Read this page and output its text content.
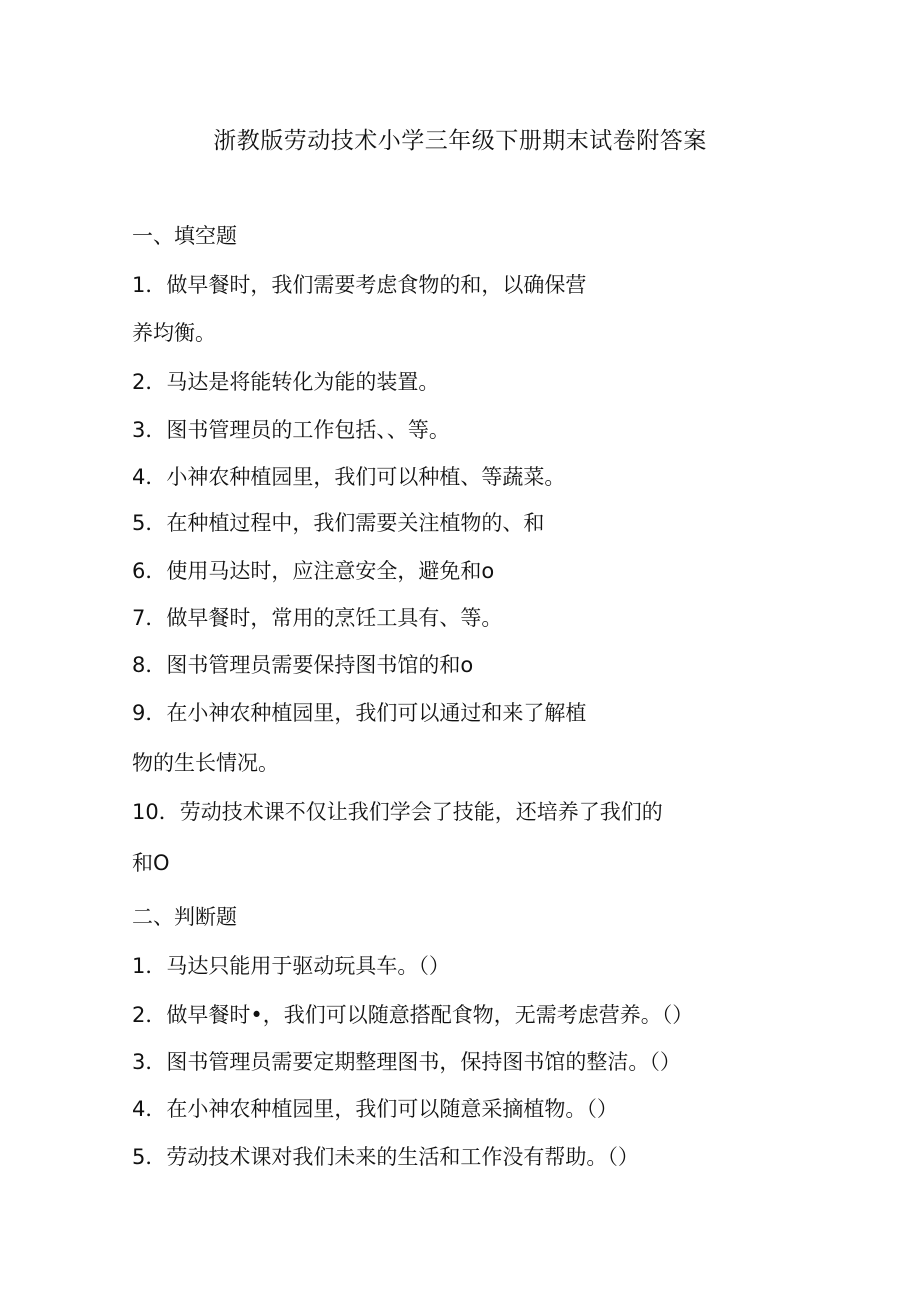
浙教版劳动技术小学三年级下册期末试卷附答案

一、填空题

1．做早餐时，我们需要考虑食物的和，以确保营

养均衡。

2．马达是将能转化为能的装置。

3．图书管理员的工作包括、、等。

4．小神农种植园里，我们可以种植、等蔬菜。

5．在种植过程中，我们需要关注植物的、和

6．使用马达时，应注意安全，避免和o

7．做早餐时，常用的烹饪工具有、等。

8．图书管理员需要保持图书馆的和o

9．在小神农种植园里，我们可以通过和来了解植

物的生长情况。

10．劳动技术课不仅让我们学会了技能，还培养了我们的

和O

二、判断题

1．马达只能用于驱动玩具车。（）

2．做早餐时•，我们可以随意搭配食物，无需考虑营养。（）

3．图书管理员需要定期整理图书，保持图书馆的整洁。（）

4．在小神农种植园里，我们可以随意采摘植物。（）

5．劳动技术课对我们未来的生活和工作没有帮助。（）
